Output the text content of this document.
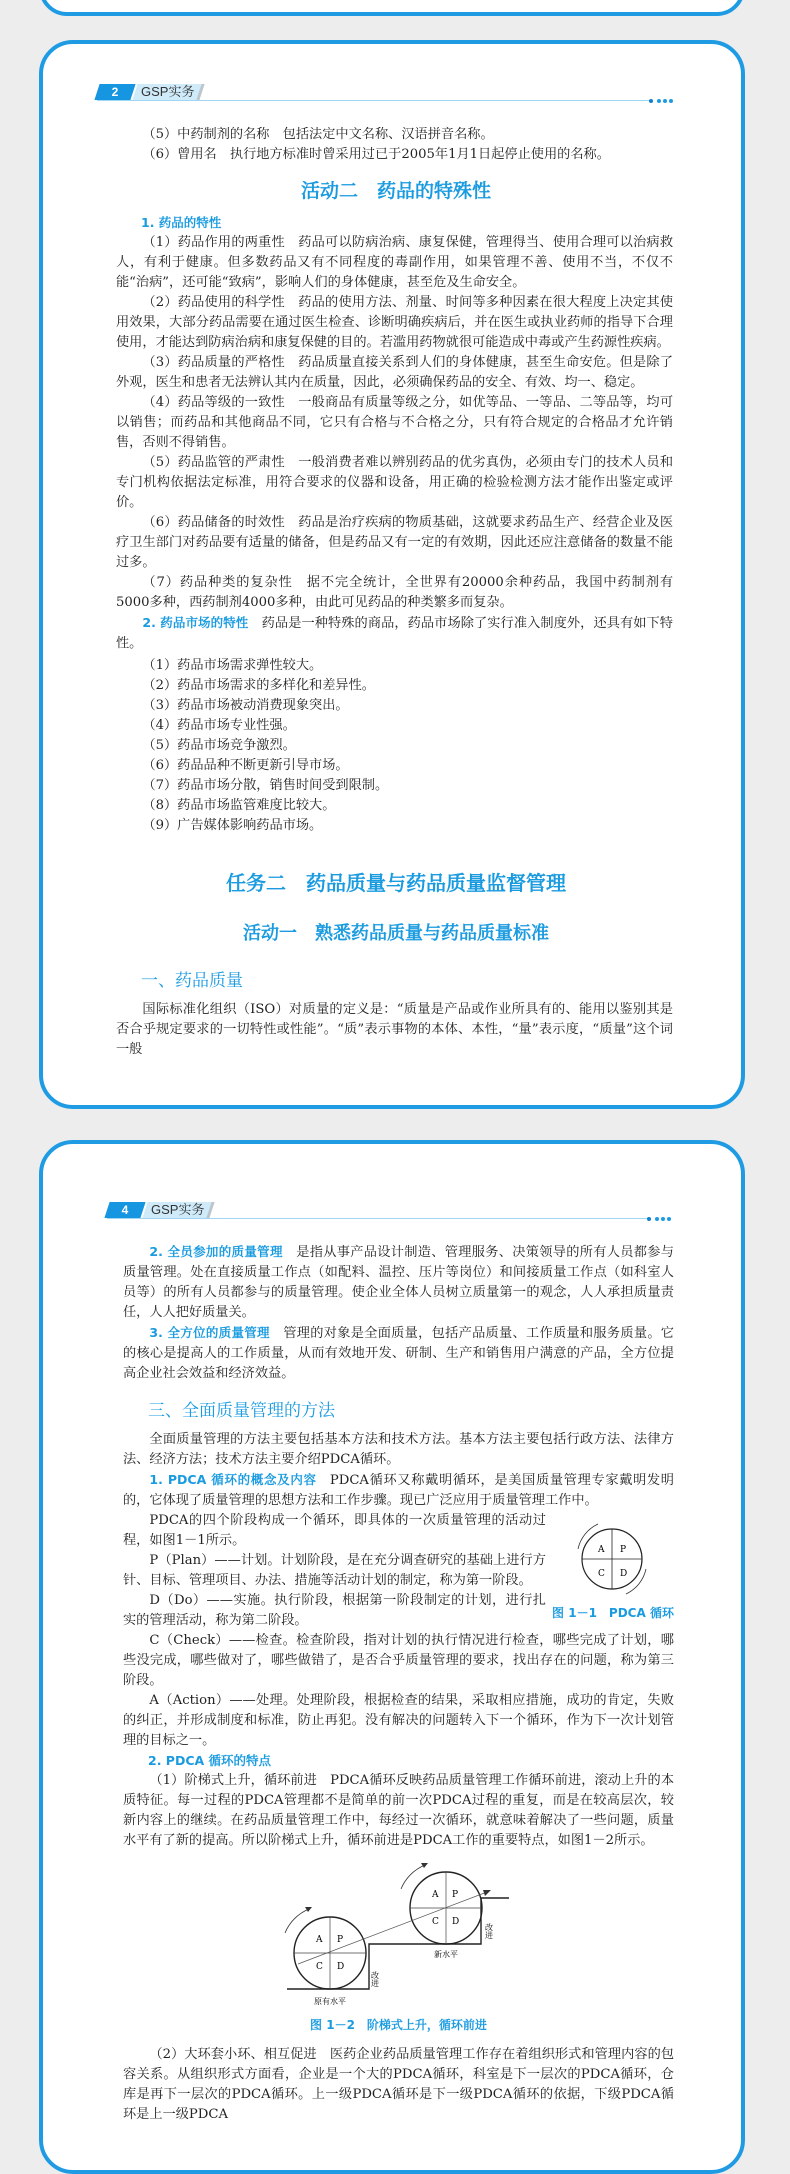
2	GSP实务

（5）中药制剂的名称 包括法定中文名称、汉语拼音名称。

（6）曾用名 执行地方标准时曾采用过已于2005年1月1日起停止使用的名称。

活动二　药品的特殊性

1. 药品的特性

（1）药品作用的两重性 药品可以防病治病、康复保健，管理得当、使用合理可以治病救人，有利于健康。但多数药品又有不同程度的毒副作用，如果管理不善、使用不当，不仅不能“治病”，还可能“致病”，影响人们的身体健康，甚至危及生命安全。

（2）药品使用的科学性 药品的使用方法、剂量、时间等多种因素在很大程度上决定其使用效果，大部分药品需要在通过医生检查、诊断明确疾病后，并在医生或执业药师的指导下合理使用，才能达到防病治病和康复保健的目的。若滥用药物就很可能造成中毒或产生药源性疾病。

（3）药品质量的严格性 药品质量直接关系到人们的身体健康，甚至生命安危。但是除了外观，医生和患者无法辨认其内在质量，因此，必须确保药品的安全、有效、均一、稳定。

（4）药品等级的一致性 一般商品有质量等级之分，如优等品、一等品、二等品等，均可以销售；而药品和其他商品不同，它只有合格与不合格之分，只有符合规定的合格品才允许销售，否则不得销售。

（5）药品监管的严肃性 一般消费者难以辨别药品的优劣真伪，必须由专门的技术人员和专门机构依据法定标准，用符合要求的仪器和设备，用正确的检验检测方法才能作出鉴定或评价。

（6）药品储备的时效性 药品是治疗疾病的物质基础，这就要求药品生产、经营企业及医疗卫生部门对药品要有适量的储备，但是药品又有一定的有效期，因此还应注意储备的数量不能过多。

（7）药品种类的复杂性 据不完全统计，全世界有20000余种药品，我国中药制剂有5000多种，西药制剂4000多种，由此可见药品的种类繁多而复杂。

2. 药品市场的特性 药品是一种特殊的商品，药品市场除了实行准入制度外，还具有如下特性。

（1）药品市场需求弹性较大。

（2）药品市场需求的多样化和差异性。

（3）药品市场被动消费现象突出。

（4）药品市场专业性强。

（5）药品市场竞争激烈。

（6）药品品种不断更新引导市场。

（7）药品市场分散，销售时间受到限制。

（8）药品市场监管难度比较大。

（9）广告媒体影响药品市场。

任务二　药品质量与药品质量监督管理
活动一　熟悉药品质量与药品质量标准
一、药品质量

国际标准化组织（ISO）对质量的定义是：“质量是产品或作业所具有的、能用以鉴别其是否合乎规定要求的一切特性或性能”。“质”表示事物的本体、本性，“量”表示度，“质量”这个词一般

4	GSP实务

2. 全员参加的质量管理 是指从事产品设计制造、管理服务、决策领导的所有人员都参与质量管理。处在直接质量工作点（如配料、温控、压片等岗位）和间接质量工作点（如科室人员等）的所有人员都参与的质量管理。使企业全体人员树立质量第一的观念，人人承担质量责任，人人把好质量关。

3. 全方位的质量管理 管理的对象是全面质量，包括产品质量、工作质量和服务质量。它的核心是提高人的工作质量，从而有效地开发、研制、生产和销售用户满意的产品，全方位提高企业社会效益和经济效益。

三、全面质量管理的方法

全面质量管理的方法主要包括基本方法和技术方法。基本方法主要包括行政方法、法律方法、经济方法；技术方法主要介绍PDCA循环。

1. PDCA 循环的概念及内容 PDCA循环又称戴明循环，是美国质量管理专家戴明发明的，它体现了质量管理的思想方法和工作步骤。现已广泛应用于质量管理工作中。

A P
C D
图 1－1　PDCA 循环

PDCA的四个阶段构成一个循环，即具体的一次质量管理的活动过程，如图1－1所示。

P（Plan）——计划。计划阶段，是在充分调查研究的基础上进行方针、目标、管理项目、办法、措施等活动计划的制定，称为第一阶段。

D（Do）——实施。执行阶段，根据第一阶段制定的计划，进行扎实的管理活动，称为第二阶段。

C（Check）——检查。检查阶段，指对计划的执行情况进行检查，哪些完成了计划，哪些没完成，哪些做对了，哪些做错了，是否合乎质量管理的要求，找出存在的问题，称为第三阶段。

A（Action）——处理。处理阶段，根据检查的结果，采取相应措施，成功的肯定，失败的纠正，并形成制度和标准，防止再犯。没有解决的问题转入下一个循环，作为下一次计划管理的目标之一。

2. PDCA 循环的特点

（1）阶梯式上升，循环前进 PDCA循环反映药品质量管理工作循环前进，滚动上升的本质特征。每一过程的PDCA管理都不是简单的前一次PDCA过程的重复，而是在较高层次，较新内容上的继续。在药品质量管理工作中，每经过一次循环，就意味着解决了一些问题，质量水平有了新的提高。所以阶梯式上升，循环前进是PDCA工作的重要特点，如图1－2所示。

A P
C D
A P
C D
原有水平
新水平
改进
改进
图 1－2　阶梯式上升，循环前进

（2）大环套小环、相互促进 医药企业药品质量管理工作存在着组织形式和管理内容的包容关系。从组织形式方面看，企业是一个大的PDCA循环，科室是下一层次的PDCA循环，仓库是再下一层次的PDCA循环。上一级PDCA循环是下一级PDCA循环的依据，下级PDCA循环是上一级PDCA
